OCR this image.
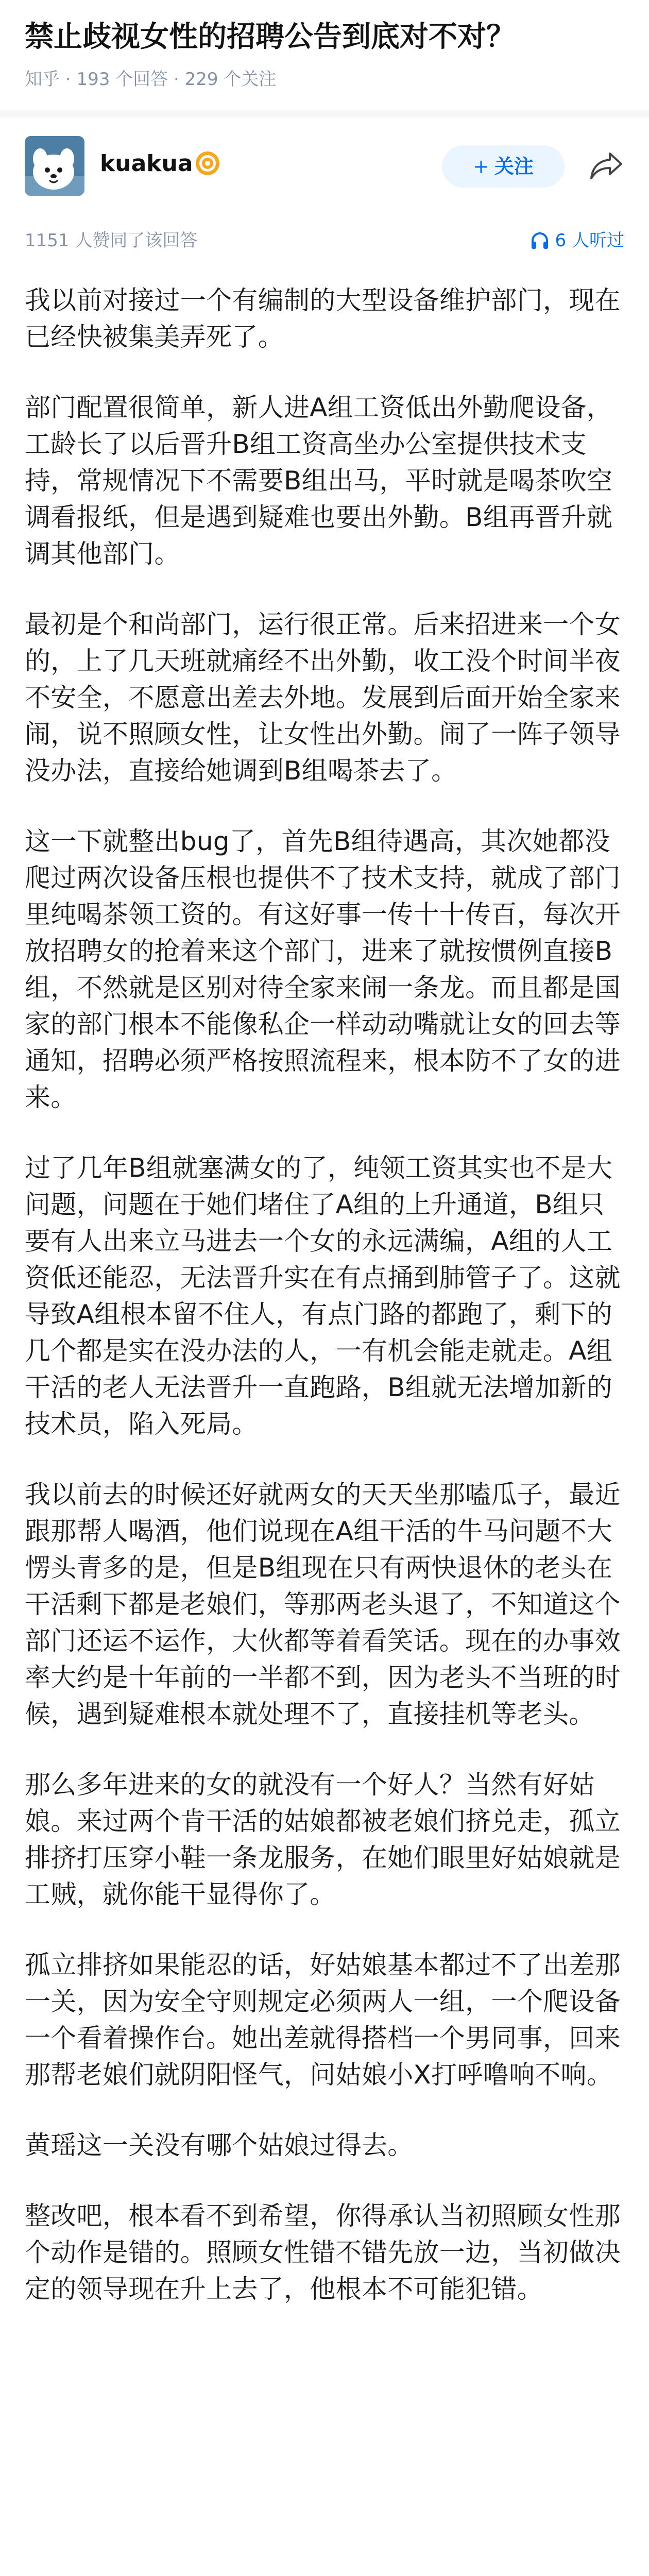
禁止歧视女性的招聘公告到底对不对？
知乎 · 193 个回答 · 229 个关注
kuakua	+ 关注
1151 人赞同了该回答	6 人听过

我以前对接过一个有编制的大型设备维护部门，现在已经快被集美弄死了。

部门配置很简单，新人进A组工资低出外勤爬设备，工龄长了以后晋升B组工资高坐办公室提供技术支持，常规情况下不需要B组出马，平时就是喝茶吹空调看报纸，但是遇到疑难也要出外勤。B组再晋升就调其他部门。

最初是个和尚部门，运行很正常。后来招进来一个女的，上了几天班就痛经不出外勤，收工没个时间半夜不安全，不愿意出差去外地。发展到后面开始全家来闹，说不照顾女性，让女性出外勤。闹了一阵子领导没办法，直接给她调到B组喝茶去了。

这一下就整出bug了，首先B组待遇高，其次她都没爬过两次设备压根也提供不了技术支持，就成了部门里纯喝茶领工资的。有这好事一传十十传百，每次开放招聘女的抢着来这个部门，进来了就按惯例直接B组，不然就是区别对待全家来闹一条龙。而且都是国家的部门根本不能像私企一样动动嘴就让女的回去等通知，招聘必须严格按照流程来，根本防不了女的进来。

过了几年B组就塞满女的了，纯领工资其实也不是大问题，问题在于她们堵住了A组的上升通道，B组只要有人出来立马进去一个女的永远满编，A组的人工资低还能忍，无法晋升实在有点捅到肺管子了。这就导致A组根本留不住人，有点门路的都跑了，剩下的几个都是实在没办法的人，一有机会能走就走。A组干活的老人无法晋升一直跑路，B组就无法增加新的技术员，陷入死局。

我以前去的时候还好就两女的天天坐那嗑瓜子，最近跟那帮人喝酒，他们说现在A组干活的牛马问题不大愣头青多的是，但是B组现在只有两快退休的老头在干活剩下都是老娘们，等那两老头退了，不知道这个部门还运不运作，大伙都等着看笑话。现在的办事效率大约是十年前的一半都不到，因为老头不当班的时候，遇到疑难根本就处理不了，直接挂机等老头。

那么多年进来的女的就没有一个好人？当然有好姑娘。来过两个肯干活的姑娘都被老娘们挤兑走，孤立排挤打压穿小鞋一条龙服务，在她们眼里好姑娘就是工贼，就你能干显得你了。

孤立排挤如果能忍的话，好姑娘基本都过不了出差那一关，因为安全守则规定必须两人一组，一个爬设备一个看着操作台。她出差就得搭档一个男同事，回来那帮老娘们就阴阳怪气，问姑娘小X打呼噜响不响。

黄瑶这一关没有哪个姑娘过得去。

整改吧，根本看不到希望，你得承认当初照顾女性那个动作是错的。照顾女性错不错先放一边，当初做决定的领导现在升上去了，他根本不可能犯错。
